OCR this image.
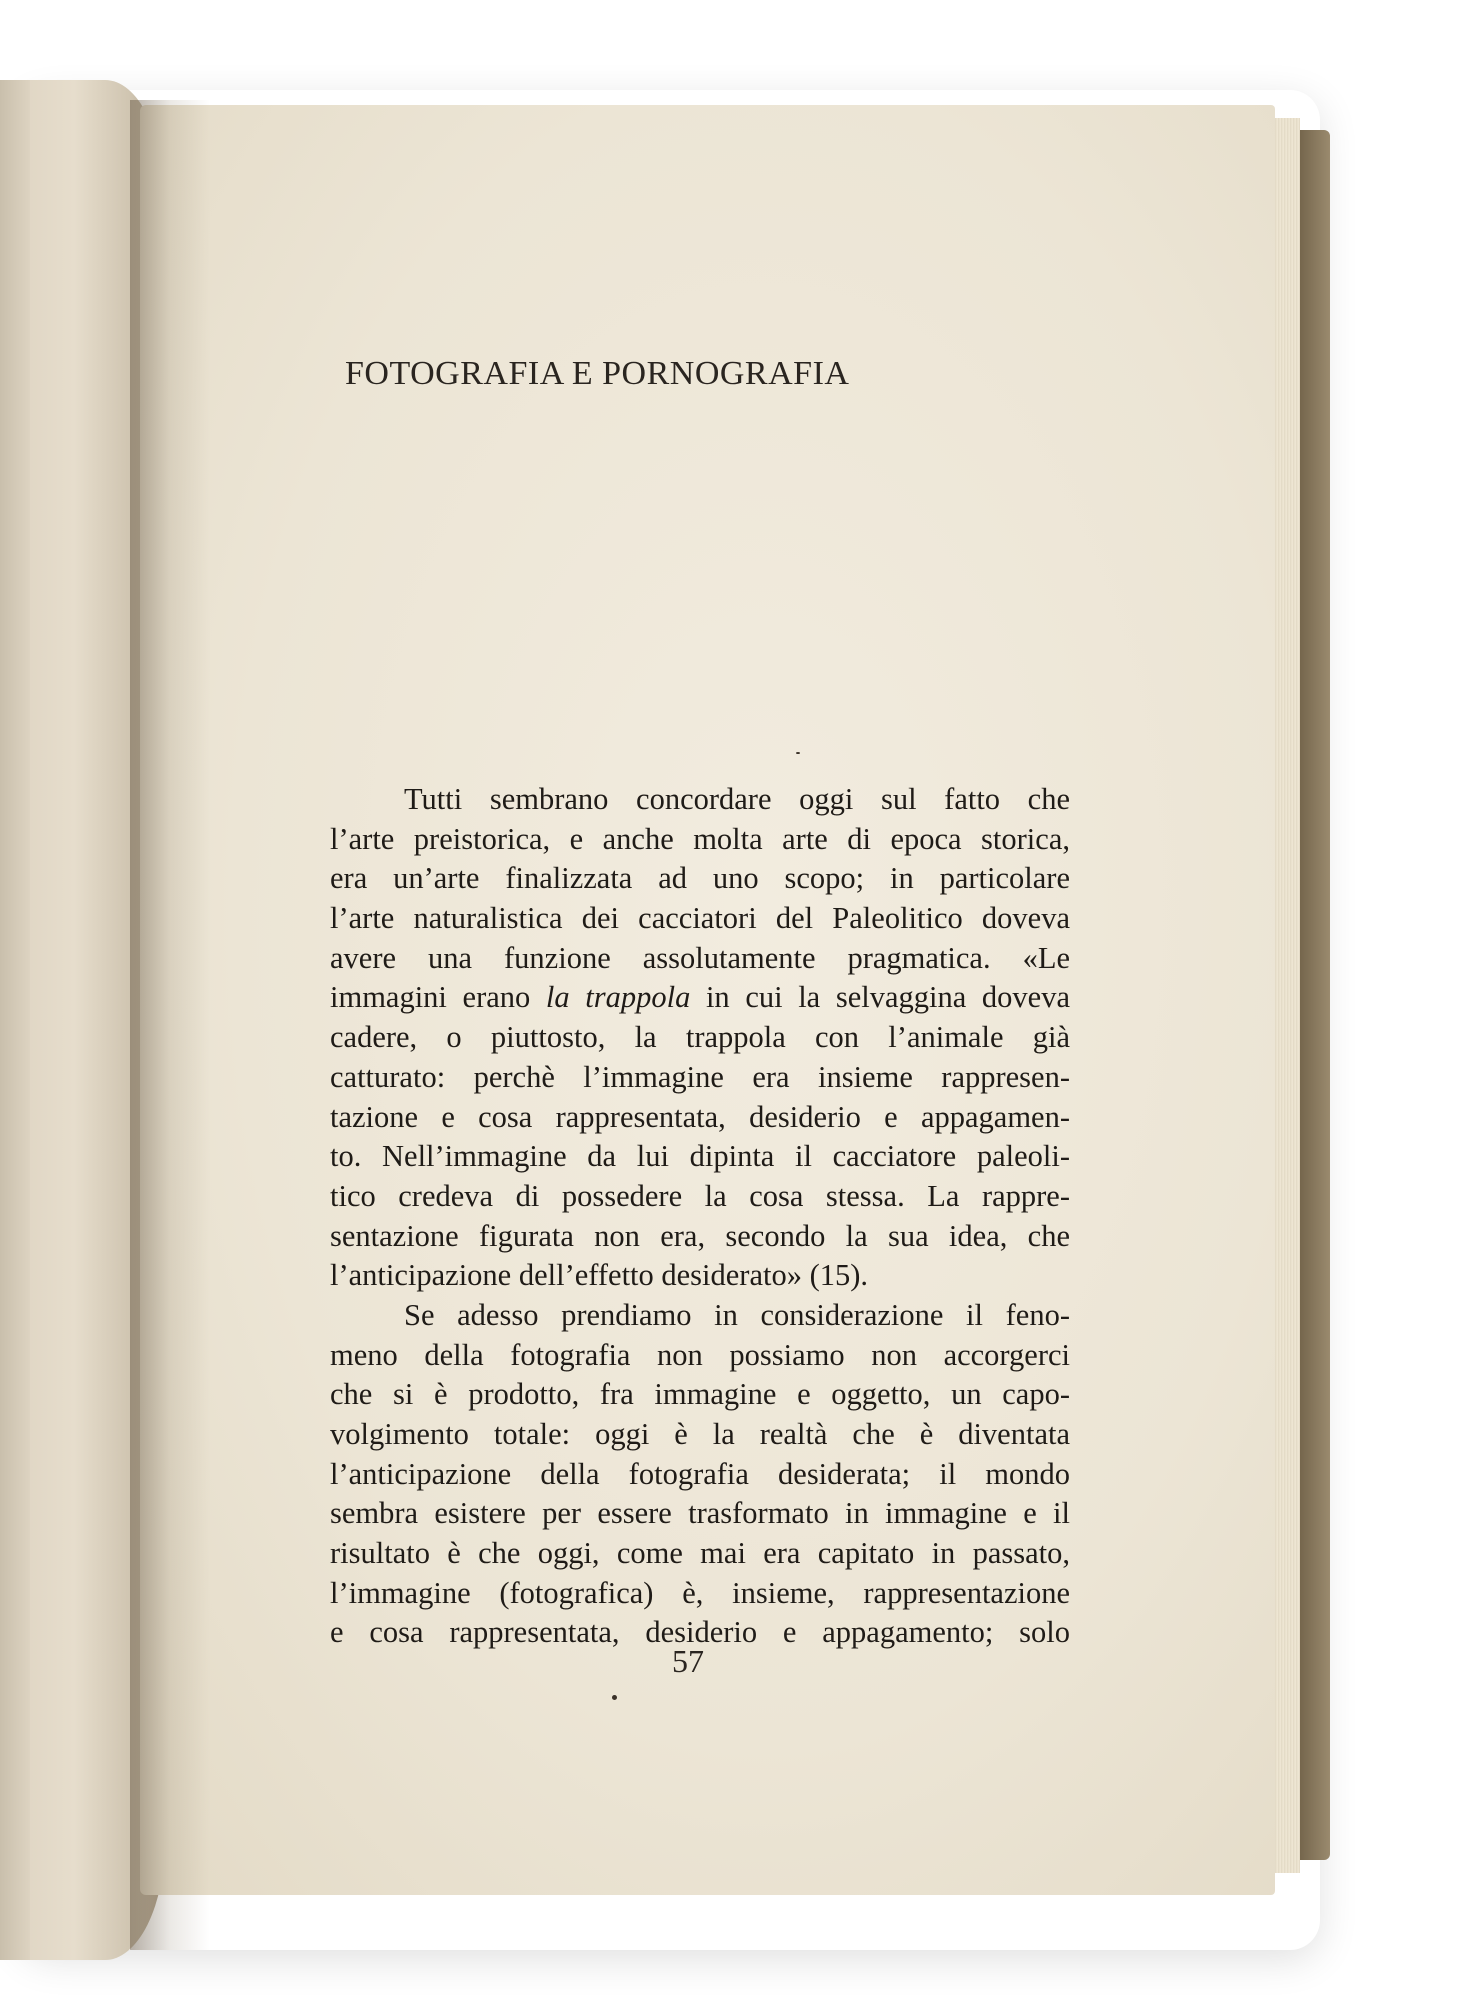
FOTOGRAFIA E PORNOGRAFIA
Tutti sembrano concordare oggi sul fatto che
l’arte preistorica, e anche molta arte di epoca storica,
era un’arte finalizzata ad uno scopo; in particolare
l’arte naturalistica dei cacciatori del Paleolitico doveva
avere una funzione assolutamente pragmatica. «Le
immagini erano la trappola in cui la selvaggina doveva
cadere, o piuttosto, la trappola con l’animale già
catturato: perchè l’immagine era insieme rappresen-
tazione e cosa rappresentata, desiderio e appagamen-
to. Nell’immagine da lui dipinta il cacciatore paleoli-
tico credeva di possedere la cosa stessa. La rappre-
sentazione figurata non era, secondo la sua idea, che
l’anticipazione dell’effetto desiderato» (15).
Se adesso prendiamo in considerazione il feno-
meno della fotografia non possiamo non accorgerci
che si è prodotto, fra immagine e oggetto, un capo-
volgimento totale: oggi è la realtà che è diventata
l’anticipazione della fotografia desiderata; il mondo
sembra esistere per essere trasformato in immagine e il
risultato è che oggi, come mai era capitato in passato,
l’immagine (fotografica) è, insieme, rappresentazione
e cosa rappresentata, desiderio e appagamento; solo
57
